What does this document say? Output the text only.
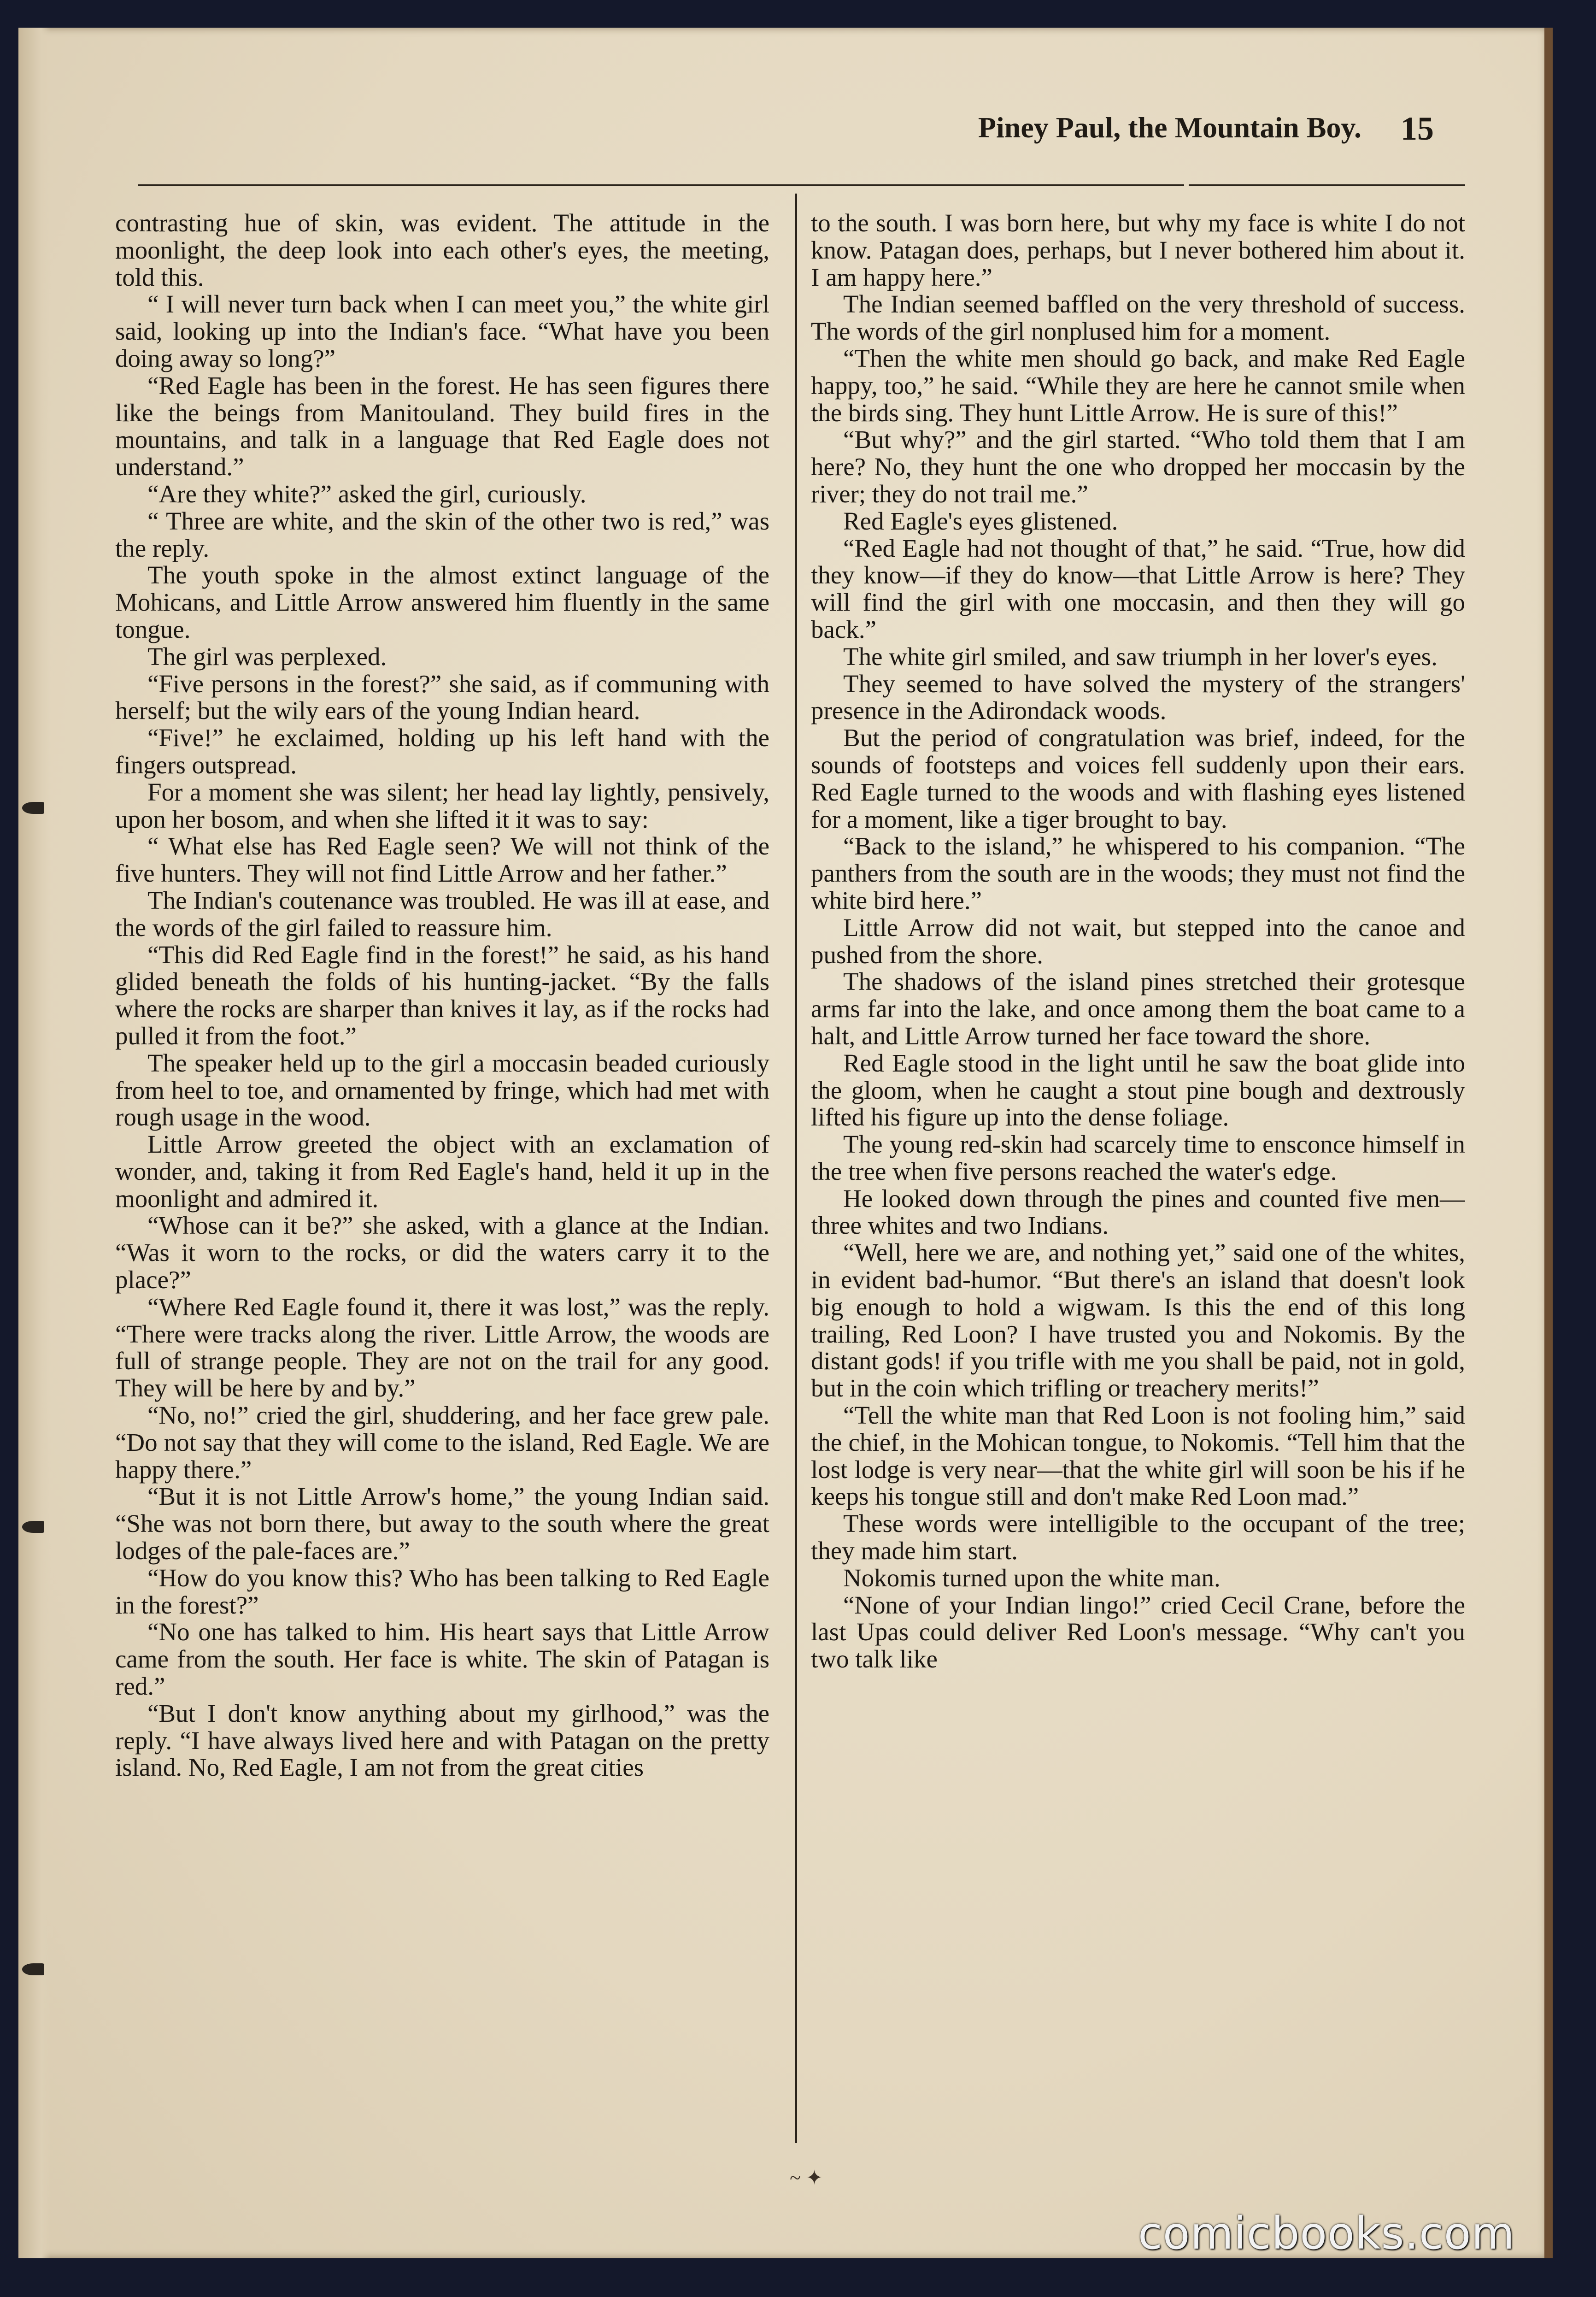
Piney Paul, the Mountain Boy. 15

contrasting hue of skin, was evident. The attitude in the moonlight, the deep look into each other's eyes, the meeting, told this.

“ I will never turn back when I can meet you,” the white girl said, looking up into the Indian's face. “What have you been doing away so long?”

“Red Eagle has been in the forest. He has seen figures there like the beings from Manitouland. They build fires in the mountains, and talk in a language that Red Eagle does not understand.”

“Are they white?” asked the girl, curiously.

“ Three are white, and the skin of the other two is red,” was the reply.

The youth spoke in the almost extinct language of the Mohicans, and Little Arrow answered him fluently in the same tongue.

The girl was perplexed.

“Five persons in the forest?” she said, as if communing with herself; but the wily ears of the young Indian heard.

“Five!” he exclaimed, holding up his left hand with the fingers outspread.

For a moment she was silent; her head lay lightly, pensively, upon her bosom, and when she lifted it it was to say:

“ What else has Red Eagle seen? We will not think of the five hunters. They will not find Little Arrow and her father.”

The Indian's coutenance was troubled. He was ill at ease, and the words of the girl failed to reassure him.

“This did Red Eagle find in the forest!” he said, as his hand glided beneath the folds of his hunting-jacket. “By the falls where the rocks are sharper than knives it lay, as if the rocks had pulled it from the foot.”

The speaker held up to the girl a moccasin beaded curiously from heel to toe, and ornamented by fringe, which had met with rough usage in the wood.

Little Arrow greeted the object with an exclamation of wonder, and, taking it from Red Eagle's hand, held it up in the moonlight and admired it.

“Whose can it be?” she asked, with a glance at the Indian. “Was it worn to the rocks, or did the waters carry it to the place?”

“Where Red Eagle found it, there it was lost,” was the reply. “There were tracks along the river. Little Arrow, the woods are full of strange people. They are not on the trail for any good. They will be here by and by.”

“No, no!” cried the girl, shuddering, and her face grew pale. “Do not say that they will come to the island, Red Eagle. We are happy there.”

“But it is not Little Arrow's home,” the young Indian said. “She was not born there, but away to the south where the great lodges of the pale-faces are.”

“How do you know this? Who has been talking to Red Eagle in the forest?”

“No one has talked to him. His heart says that Little Arrow came from the south. Her face is white. The skin of Patagan is red.”

“But I don't know anything about my girlhood,” was the reply. “I have always lived here and with Patagan on the pretty island. No, Red Eagle, I am not from the great cities

to the south. I was born here, but why my face is white I do not know. Patagan does, perhaps, but I never bothered him about it. I am happy here.”

The Indian seemed baffled on the very threshold of success. The words of the girl nonplused him for a moment.

“Then the white men should go back, and make Red Eagle happy, too,” he said. “While they are here he cannot smile when the birds sing. They hunt Little Arrow. He is sure of this!”

“But why?” and the girl started. “Who told them that I am here? No, they hunt the one who dropped her moccasin by the river; they do not trail me.”

Red Eagle's eyes glistened.

“Red Eagle had not thought of that,” he said. “True, how did they know—if they do know—that Little Arrow is here? They will find the girl with one moccasin, and then they will go back.”

The white girl smiled, and saw triumph in her lover's eyes.

They seemed to have solved the mystery of the strangers' presence in the Adirondack woods.

But the period of congratulation was brief, indeed, for the sounds of footsteps and voices fell suddenly upon their ears. Red Eagle turned to the woods and with flashing eyes listened for a moment, like a tiger brought to bay.

“Back to the island,” he whispered to his companion. “The panthers from the south are in the woods; they must not find the white bird here.”

Little Arrow did not wait, but stepped into the canoe and pushed from the shore.

The shadows of the island pines stretched their grotesque arms far into the lake, and once among them the boat came to a halt, and Little Arrow turned her face toward the shore.

Red Eagle stood in the light until he saw the boat glide into the gloom, when he caught a stout pine bough and dextrously lifted his figure up into the dense foliage.

The young red-skin had scarcely time to ensconce himself in the tree when five persons reached the water's edge.

He looked down through the pines and counted five men—three whites and two Indians.

“Well, here we are, and nothing yet,” said one of the whites, in evident bad-humor. “But there's an island that doesn't look big enough to hold a wigwam. Is this the end of this long trailing, Red Loon? I have trusted you and Nokomis. By the distant gods! if you trifle with me you shall be paid, not in gold, but in the coin which trifling or treachery merits!”

“Tell the white man that Red Loon is not fooling him,” said the chief, in the Mohican tongue, to Nokomis. “Tell him that the lost lodge is very near—that the white girl will soon be his if he keeps his tongue still and don't make Red Loon mad.”

These words were intelligible to the occupant of the tree; they made him start.

Nokomis turned upon the white man.

“None of your Indian lingo!” cried Cecil Crane, before the last Upas could deliver Red Loon's message. “Why can't you two talk like

~ ✦
comicbooks.com
